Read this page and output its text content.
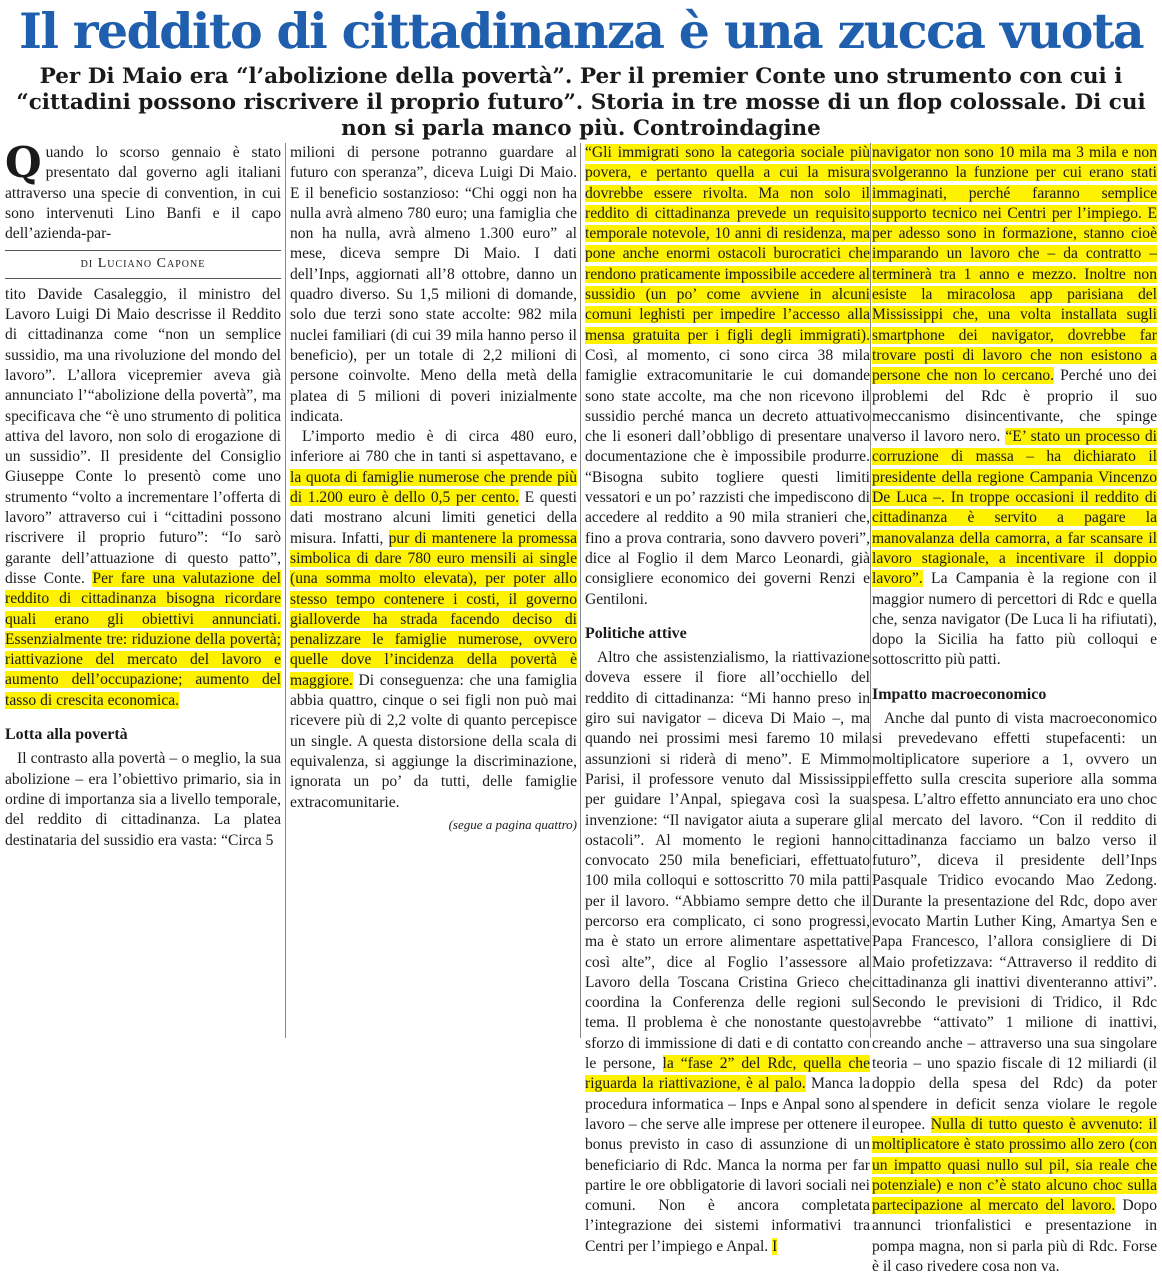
Il reddito di cittadinanza è una zucca vuota
Per Di Maio era “l’abolizione della povertà”. Per il premier Conte uno strumento con cui i “cittadini possono riscrivere il proprio futuro”. Storia in tre mosse di un flop colossale. Di cui non si parla manco più. Controindagine

Quando lo scorso gennaio è stato presentato dal governo agli italiani attraverso una specie di convention, in cui sono intervenuti Lino Banfi e il capo dell’azienda-par-

di Luciano Capone

tito Davide Casaleggio, il ministro del Lavoro Luigi Di Maio descrisse il Reddito di cittadinanza come “non un semplice sussidio, ma una rivoluzione del mondo del lavoro”. L’allora vicepremier aveva già annunciato l’“abolizione della povertà”, ma specificava che “è uno strumento di politica attiva del lavoro, non solo di erogazione di un sussidio”. Il presidente del Consiglio Giuseppe Conte lo presentò come uno strumento “volto a incrementare l’offerta di lavoro” attraverso cui i “cittadini possono riscrivere il proprio futuro”: “Io sarò garante dell’attuazione di questo patto”, disse Conte. Per fare una valutazione del reddito di cittadinanza bisogna ricordare quali erano gli obiettivi annunciati. Essenzialmente tre: riduzione della povertà; riattivazione del mercato del lavoro e aumento dell’occupazione; aumento del tasso di crescita economica.

Lotta alla povertà

Il contrasto alla povertà – o meglio, la sua abolizione – era l’obiettivo primario, sia in ordine di importanza sia a livello temporale, del reddito di cittadinanza. La platea destinataria del sussidio era vasta: “Circa 5

milioni di persone potranno guardare al futuro con speranza”, diceva Luigi Di Maio. E il beneficio sostanzioso: “Chi oggi non ha nulla avrà almeno 780 euro; una famiglia che non ha nulla, avrà almeno 1.300 euro” al mese, diceva sempre Di Maio. I dati dell’Inps, aggiornati all’8 ottobre, danno un quadro diverso. Su 1,5 milioni di domande, solo due terzi sono state accolte: 982 mila nuclei familiari (di cui 39 mila hanno perso il beneficio), per un totale di 2,2 milioni di persone coinvolte. Meno della metà della platea di 5 milioni di poveri inizialmente indicata.

L’importo medio è di circa 480 euro, inferiore ai 780 che in tanti si aspettavano, e la quota di famiglie numerose che prende più di 1.200 euro è dello 0,5 per cento. E questi dati mostrano alcuni limiti genetici della misura. Infatti, pur di mantenere la promessa simbolica di dare 780 euro mensili ai single (una somma molto elevata), per poter allo stesso tempo contenere i costi, il governo gialloverde ha strada facendo deciso di penalizzare le famiglie numerose, ovvero quelle dove l’incidenza della povertà è maggiore. Di conseguenza: che una famiglia abbia quattro, cinque o sei figli non può mai ricevere più di 2,2 volte di quanto percepisce un single. A questa distorsione della scala di equivalenza, si aggiunge la discriminazione, ignorata un po’ da tutti, delle famiglie extracomunitarie.

(segue a pagina quattro)

“Gli immigrati sono la categoria sociale più povera, e pertanto quella a cui la misura dovrebbe essere rivolta. Ma non solo il reddito di cittadinanza prevede un requisito temporale notevole, 10 anni di residenza, ma pone anche enormi ostacoli burocratici che rendono praticamente impossibile accedere al sussidio (un po’ come avviene in alcuni comuni leghisti per impedire l’accesso alla mensa gratuita per i figli degli immigrati). Così, al momento, ci sono circa 38 mila famiglie extracomunitarie le cui domande sono state accolte, ma che non ricevono il sussidio perché manca un decreto attuativo che li esoneri dall’obbligo di presentare una documentazione che è impossibile produrre. “Bisogna subito togliere questi limiti vessatori e un po’ razzisti che impediscono di accedere al reddito a 90 mila stranieri che, fino a prova contraria, sono davvero poveri”, dice al Foglio il dem Marco Leonardi, già consigliere economico dei governi Renzi e Gentiloni.

Politiche attive

Altro che assistenzialismo, la riattivazione doveva essere il fiore all’occhiello del reddito di cittadinanza: “Mi hanno preso in giro sui navigator – diceva Di Maio –, ma quando nei prossimi mesi faremo 10 mila assunzioni si riderà di meno”. E Mimmo Parisi, il professore venuto dal Mississippi per guidare l’Anpal, spiegava così la sua invenzione: “Il navigator aiuta a superare gli ostacoli”. Al momento le regioni hanno convocato 250 mila beneficiari, effettuato 100 mila colloqui e sottoscritto 70 mila patti per il lavoro. “Abbiamo sempre detto che il percorso era complicato, ci sono progressi, ma è stato un errore alimentare aspettative così alte”, dice al Foglio l’assessore al Lavoro della Toscana Cristina Grieco che coordina la Conferenza delle regioni sul tema. Il problema è che nonostante questo sforzo di immissione di dati e di contatto con le persone, la “fase 2” del Rdc, quella che riguarda la riattivazione, è al palo. Manca la procedura informatica – Inps e Anpal sono al lavoro – che serve alle imprese per ottenere il bonus previsto in caso di assunzione di un beneficiario di Rdc. Manca la norma per far partire le ore obbligatorie di lavori sociali nei comuni. Non è ancora completata l’integrazione dei sistemi informativi tra Centri per l’impiego e Anpal. I

navigator non sono 10 mila ma 3 mila e non svolgeranno la funzione per cui erano stati immaginati, perché faranno semplice supporto tecnico nei Centri per l’impiego. E per adesso sono in formazione, stanno cioè imparando un lavoro che – da contratto – terminerà tra 1 anno e mezzo. Inoltre non esiste la miracolosa app parisiana del Mississippi che, una volta installata sugli smartphone dei navigator, dovrebbe far trovare posti di lavoro che non esistono a persone che non lo cercano. Perché uno dei problemi del Rdc è proprio il suo meccanismo disincentivante, che spinge verso il lavoro nero. “E’ stato un processo di corruzione di massa – ha dichiarato il presidente della regione Campania Vincenzo De Luca –. In troppe occasioni il reddito di cittadinanza è servito a pagare la manovalanza della camorra, a far scansare il lavoro stagionale, a incentivare il doppio lavoro”. La Campania è la regione con il maggior numero di percettori di Rdc e quella che, senza navigator (De Luca li ha rifiutati), dopo la Sicilia ha fatto più colloqui e sottoscritto più patti.

Impatto macroeconomico

Anche dal punto di vista macroeconomico si prevedevano effetti stupefacenti: un moltiplicatore superiore a 1, ovvero un effetto sulla crescita superiore alla somma spesa. L’altro effetto annunciato era uno choc al mercato del lavoro. “Con il reddito di cittadinanza facciamo un balzo verso il futuro”, diceva il presidente dell’Inps Pasquale Tridico evocando Mao Zedong. Durante la presentazione del Rdc, dopo aver evocato Martin Luther King, Amartya Sen e Papa Francesco, l’allora consigliere di Di Maio profetizzava: “Attraverso il reddito di cittadinanza gli inattivi diventeranno attivi”. Secondo le previsioni di Tridico, il Rdc avrebbe “attivato” 1 milione di inattivi, creando anche – attraverso una sua singolare teoria – uno spazio fiscale di 12 miliardi (il doppio della spesa del Rdc) da poter spendere in deficit senza violare le regole europee. Nulla di tutto questo è avvenuto: il moltiplicatore è stato prossimo allo zero (con un impatto quasi nullo sul pil, sia reale che potenziale) e non c’è stato alcuno choc sulla partecipazione al mercato del lavoro. Dopo annunci trionfalistici e presentazione in pompa magna, non si parla più di Rdc. Forse è il caso rivedere cosa non va.
